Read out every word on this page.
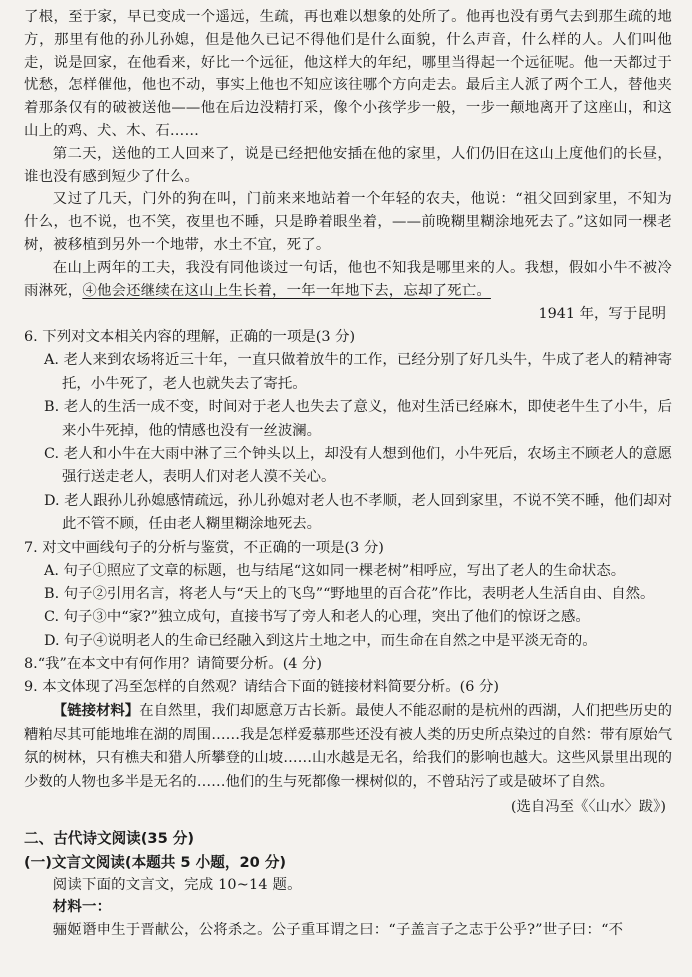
了根，至于家，早已变成一个遥远，生疏，再也难以想象的处所了。他再也没有勇气去到那生疏的地方，那里有他的孙儿孙媳，但是他久已记不得他们是什么面貌，什么声音，什么样的人。人们叫他走，说是回家，在他看来，好比一个远征，他这样大的年纪，哪里当得起一个远征呢。他一天都过于忧愁，怎样催他，他也不动，事实上他也不知应该往哪个方向走去。最后主人派了两个工人，替他夹着那条仅有的破被送他——他在后边没精打采，像个小孩学步一般，一步一颠地离开了这座山，和这山上的鸡、犬、木、石……

第二天，送他的工人回来了，说是已经把他安插在他的家里，人们仍旧在这山上度他们的长昼，谁也没有感到短少了什么。

又过了几天，门外的狗在叫，门前来来地站着一个年轻的农夫，他说：“祖父回到家里，不知为什么，也不说，也不笑，夜里也不睡，只是睁着眼坐着，——前晚糊里糊涂地死去了。”这如同一棵老树，被移植到另外一个地带，水土不宜，死了。

在山上两年的工夫，我没有同他谈过一句话，他也不知我是哪里来的人。我想，假如小牛不被冷雨淋死，④他会还继续在这山上生长着，一年一年地下去，忘却了死亡。

1941 年，写于昆明

6. 下列对文本相关内容的理解，正确的一项是(3 分)

A. 老人来到农场将近三十年，一直只做着放牛的工作，已经分别了好几头牛，牛成了老人的精神寄托，小牛死了，老人也就失去了寄托。

B. 老人的生活一成不变，时间对于老人也失去了意义，他对生活已经麻木，即使老牛生了小牛，后来小牛死掉，他的情感也没有一丝波澜。

C. 老人和小牛在大雨中淋了三个钟头以上，却没有人想到他们，小牛死后，农场主不顾老人的意愿强行送走老人，表明人们对老人漠不关心。

D. 老人跟孙儿孙媳感情疏远，孙儿孙媳对老人也不孝顺，老人回到家里，不说不笑不睡，他们却对此不管不顾，任由老人糊里糊涂地死去。

7. 对文中画线句子的分析与鉴赏，不正确的一项是(3 分)

A. 句子①照应了文章的标题，也与结尾“这如同一棵老树”相呼应，写出了老人的生命状态。

B. 句子②引用名言，将老人与“天上的飞鸟”“野地里的百合花”作比，表明老人生活自由、自然。

C. 句子③中“家?”独立成句，直接书写了旁人和老人的心理，突出了他们的惊讶之感。

D. 句子④说明老人的生命已经融入到这片土地之中，而生命在自然之中是平淡无奇的。

8.“我”在本文中有何作用？请简要分析。(4 分)

9. 本文体现了冯至怎样的自然观？请结合下面的链接材料简要分析。(6 分)

【链接材料】在自然里，我们却愿意万古长新。最使人不能忍耐的是杭州的西湖，人们把些历史的糟粕尽其可能地堆在湖的周围……我是怎样爱慕那些还没有被人类的历史所点染过的自然：带有原始气氛的树林，只有樵夫和猎人所攀登的山坡……山水越是无名，给我们的影响也越大。这些风景里出现的少数的人物也多半是无名的……他们的生与死都像一棵树似的，不曾玷污了或是破坏了自然。

(选自冯至《〈山水〉跋》)

二、古代诗文阅读(35 分)

(一)文言文阅读(本题共 5 小题，20 分)

阅读下面的文言文，完成 10~14 题。

材料一：

骊姬谮申生于晋献公，公将杀之。公子重耳谓之曰：“子盖言子之志于公乎?”世子曰：“不
